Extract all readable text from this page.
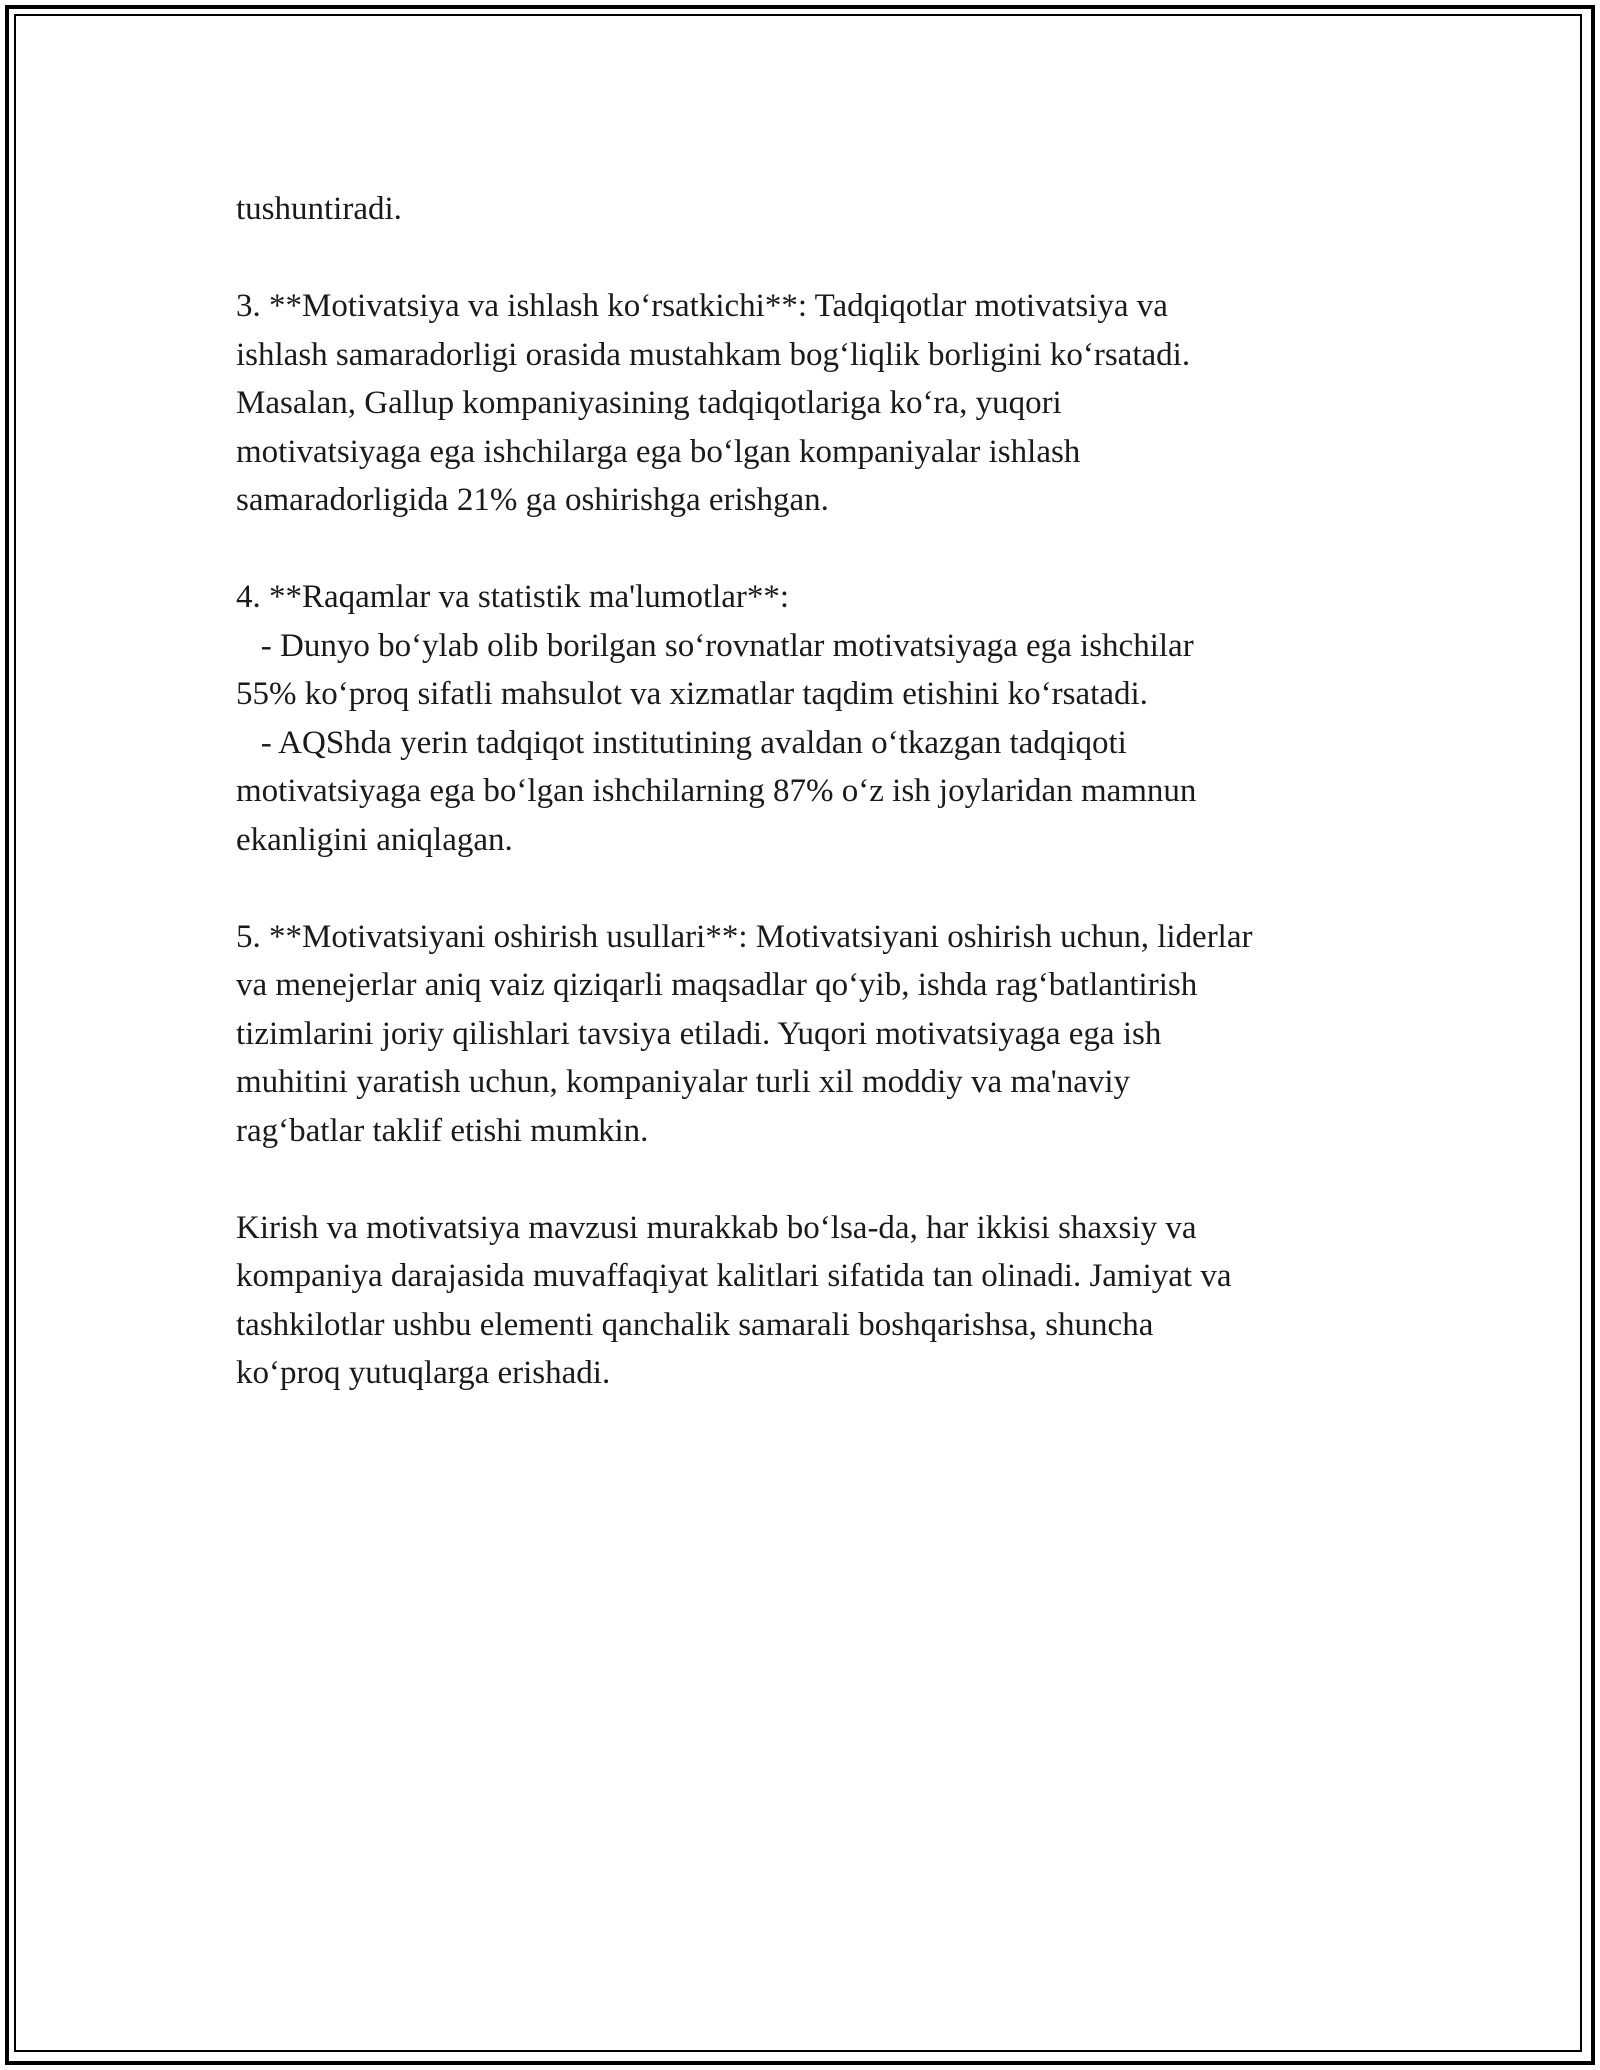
tushuntiradi.
3. **Motivatsiya va ishlash ko‘rsatkichi**: Tadqiqotlar motivatsiya va
ishlash samaradorligi orasida mustahkam bog‘liqlik borligini ko‘rsatadi.
Masalan, Gallup kompaniyasining tadqiqotlariga ko‘ra, yuqori
motivatsiyaga ega ishchilarga ega bo‘lgan kompaniyalar ishlash
samaradorligida 21% ga oshirishga erishgan.
4. **Raqamlar va statistik ma'lumotlar**:
- Dunyo bo‘ylab olib borilgan so‘rovnatlar motivatsiyaga ega ishchilar
55% ko‘proq sifatli mahsulot va xizmatlar taqdim etishini ko‘rsatadi.
- AQShda yerin tadqiqot institutining avaldan o‘tkazgan tadqiqoti
motivatsiyaga ega bo‘lgan ishchilarning 87% o‘z ish joylaridan mamnun
ekanligini aniqlagan.
5. **Motivatsiyani oshirish usullari**: Motivatsiyani oshirish uchun, liderlar
va menejerlar aniq vaiz qiziqarli maqsadlar qo‘yib, ishda rag‘batlantirish
tizimlarini joriy qilishlari tavsiya etiladi. Yuqori motivatsiyaga ega ish
muhitini yaratish uchun, kompaniyalar turli xil moddiy va ma'naviy
rag‘batlar taklif etishi mumkin.
Kirish va motivatsiya mavzusi murakkab bo‘lsa-da, har ikkisi shaxsiy va
kompaniya darajasida muvaffaqiyat kalitlari sifatida tan olinadi. Jamiyat va
tashkilotlar ushbu elementi qanchalik samarali boshqarishsa, shuncha
ko‘proq yutuqlarga erishadi.
